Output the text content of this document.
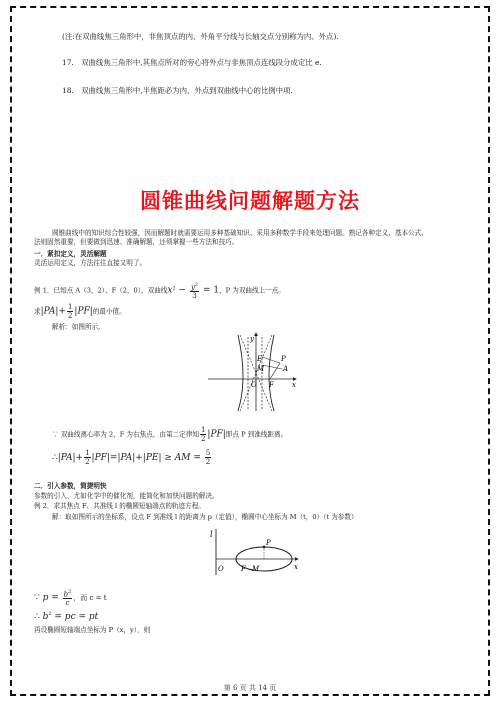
(注:在双曲线焦三角形中，非焦顶点的内、外角平分线与长轴交点分别称为内、外点).
17.　双曲线焦三角形中,其焦点所对的旁心将外点与非焦顶点连线段分成定比 e.
18.　双曲线焦三角形中,半焦距必为内、外点到双曲线中心的比例中项.
圆锥曲线问题解题方法
圆锥曲线中的知识综合性较强，因而解题时就需要运用多种基础知识、采用多种数学手段来处理问题。熟记各种定义、基本公式、
法则固然重要，但要做到迅速、准确解题，还须掌握一些方法和技巧。
一．紧扣定义，灵活解题
灵活运用定义，方法往往直接又明了。
例 1．已知点 A（3，2）、F（2，0），双曲线$x^2 - \frac{y^2}{3} = 1$，P 为双曲线上一点。
求$|PA|+ \frac{1}{2} |PF|$的最小值。
解析：如图所示,
y
x
O F
P
A
E
M
∵ 双曲线离心率为 2，F 为右焦点，由第二定律知 $\frac{1}{2} |PF|$即点 P 到准线距离。
∴|PA|+ $\frac{1}{2} |PF|=|PA|+|PE|$ ≥ AM = $\frac{5}{2}$
二．引入参数，简捷明快
参数的引入，尤如化学中的催化剂，能简化和加快问题的解决。
例 2．求共焦点 F、共准线 l 的椭圆短轴端点的轨迹方程。
解：取如图所示的坐标系，设点 F 到准线 l 的距离为 p（定值），椭圆中心坐标为 M（t，0）（t 为参数）
l
P
F M	x
O
∵ $p = \frac{b^2}{c}$ ，而 c = t
∴ $b^2$ = pc = pt
再设椭圆短轴端点坐标为 P（x，y），则
第 6 页 共 14 页
